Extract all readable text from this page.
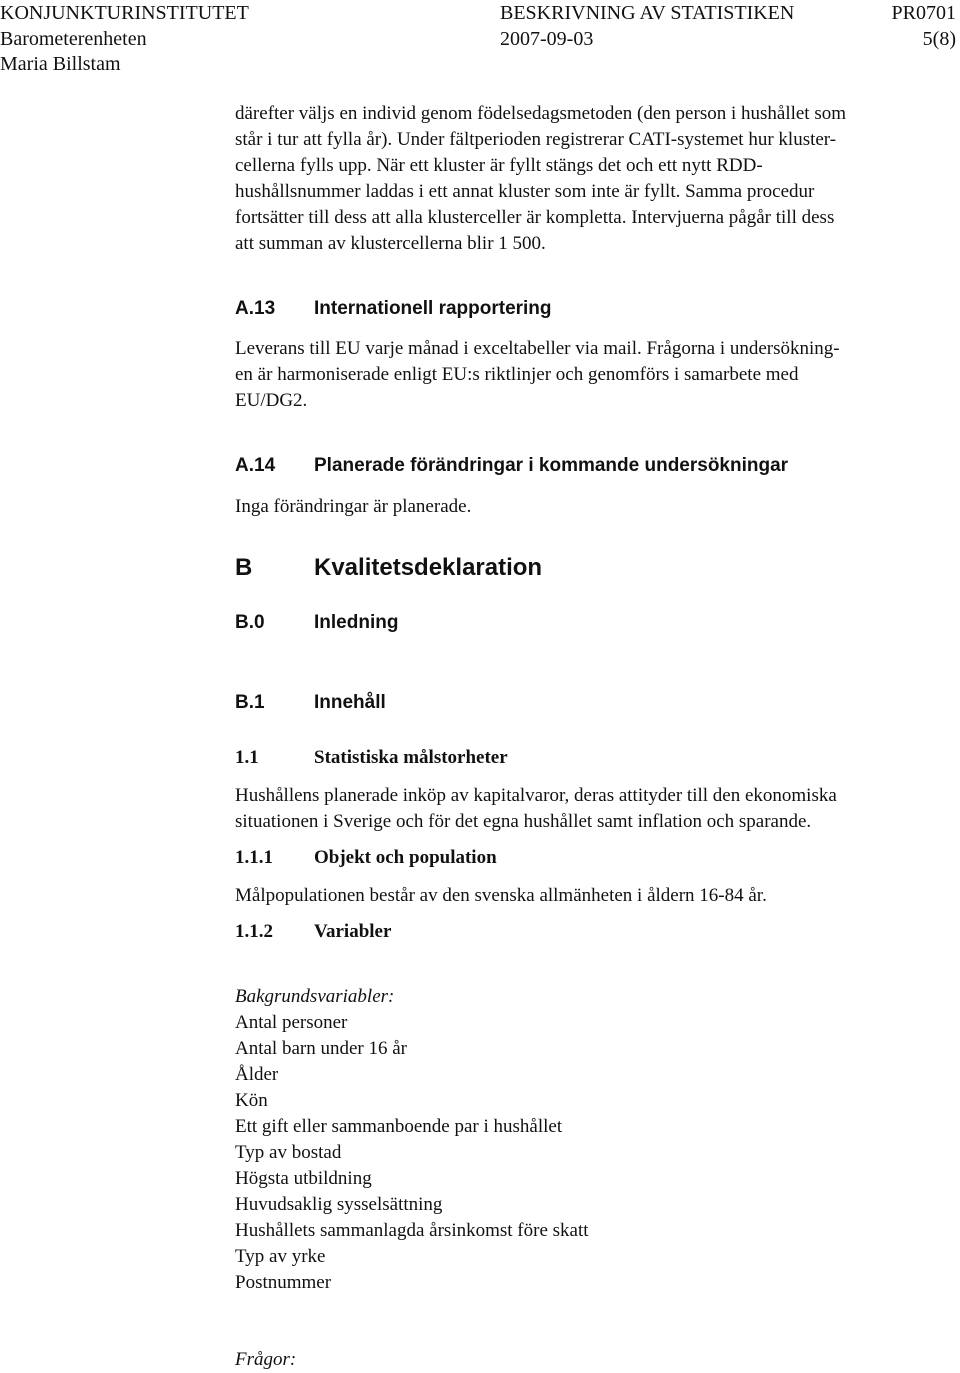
KONJUNKTURINSTITUTET	BESKRIVNING AV STATISTIKEN	PR0701
Barometerenheten	2007-09-03	5(8)
Maria Billstam

därefter väljs en individ genom födelsedagsmetoden (den person i hushållet som

står i tur att fylla år). Under fältperioden registrerar CATI-systemet hur kluster-

cellerna fylls upp. När ett kluster är fyllt stängs det och ett nytt RDD-

hushållsnummer laddas i ett annat kluster som inte är fyllt. Samma procedur

fortsätter till dess att alla klusterceller är kompletta. Intervjuerna pågår till dess

att summan av klustercellerna blir 1 500.

A.13 Internationell rapportering

Leverans till EU varje månad i exceltabeller via mail. Frågorna i undersökning-

en är harmoniserade enligt EU:s riktlinjer och genomförs i samarbete med

EU/DG2.

A.14 Planerade förändringar i kommande undersökningar

Inga förändringar är planerade.

B	Kvalitetsdeklaration
B.0	Inledning
B.1	Innehåll
1.1	Statistiska målstorheter

Hushållens planerade inköp av kapitalvaror, deras attityder till den ekonomiska

situationen i Sverige och för det egna hushållet samt inflation och sparande.

1.1.1 Objekt och population

Målpopulationen består av den svenska allmänheten i åldern 16-84 år.

1.1.2 Variabler
Bakgrundsvariabler:
Antal personer
Antal barn under 16 år
Ålder
Kön
Ett gift eller sammanboende par i hushållet
Typ av bostad
Högsta utbildning
Huvudsaklig sysselsättning
Hushållets sammanlagda årsinkomst före skatt
Typ av yrke
Postnummer
Frågor:
